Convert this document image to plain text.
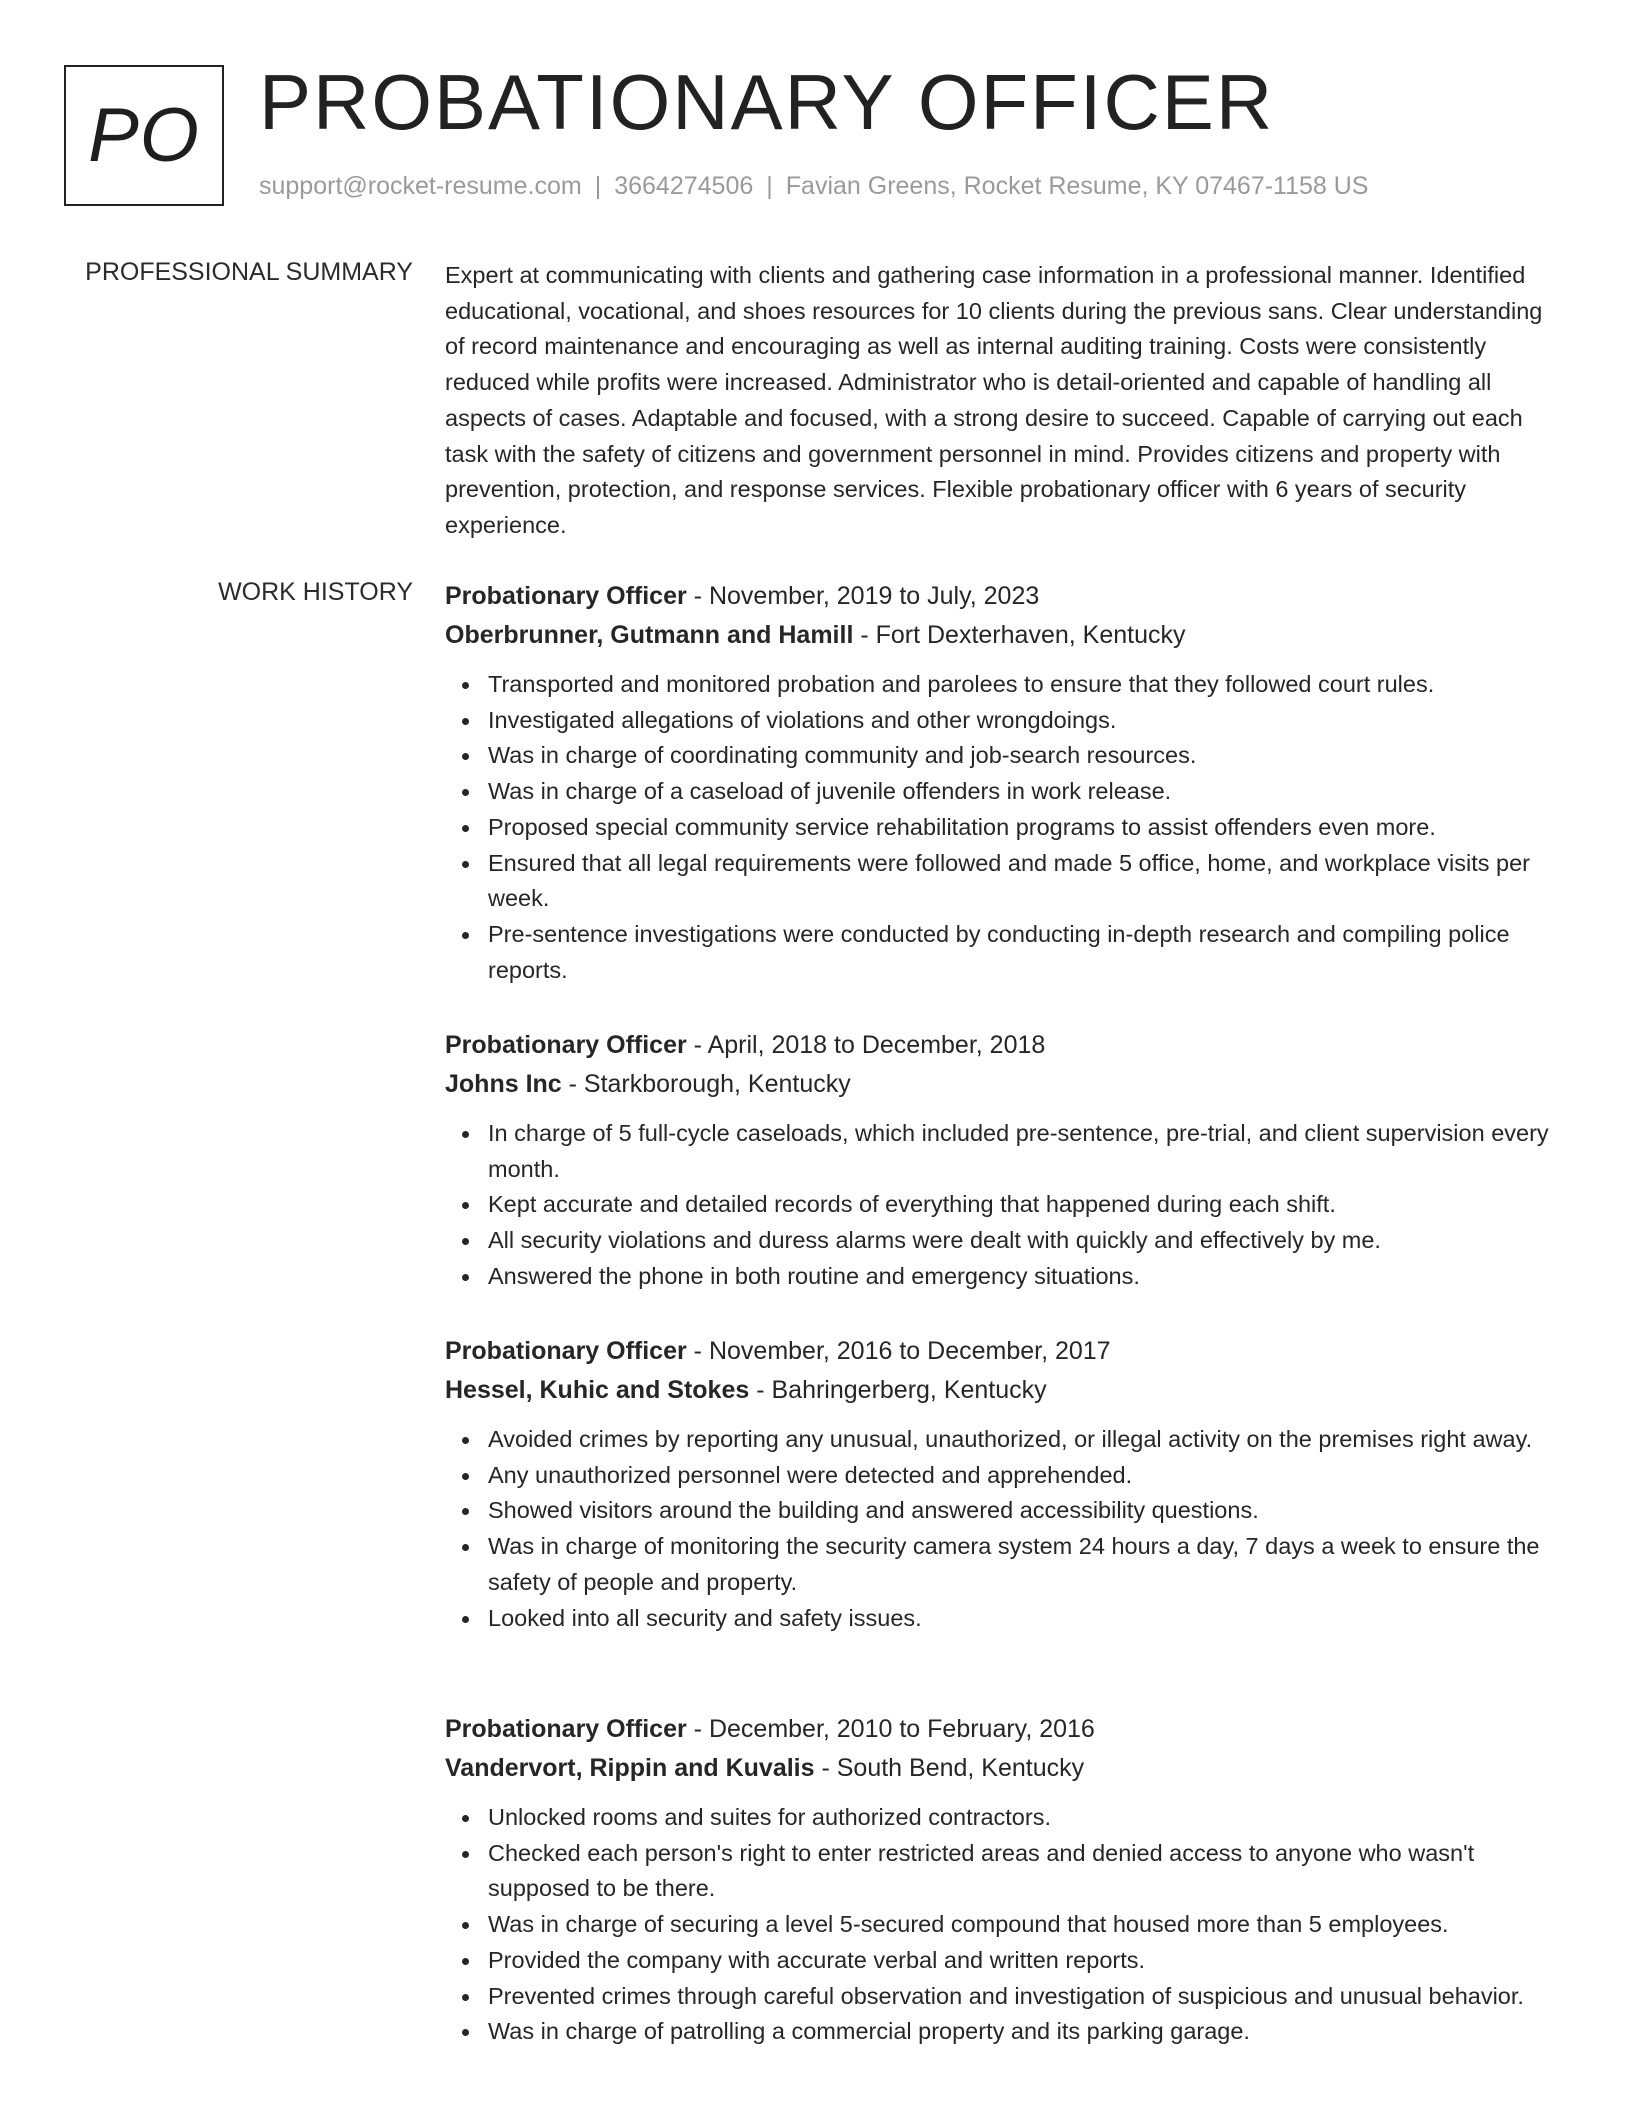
PO PROBATIONARY OFFICER
support@rocket-resume.com | 3664274506 | Favian Greens, Rocket Resume, KY 07467-1158 US
PROFESSIONAL SUMMARY Expert at communicating with clients and gathering case information in a professional manner. Identified educational, vocational, and shoes resources for 10 clients during the previous sans. Clear understanding of record maintenance and encouraging as well as internal auditing training. Costs were consistently reduced while profits were increased. Administrator who is detail-oriented and capable of handling all aspects of cases. Adaptable and focused, with a strong desire to succeed. Capable of carrying out each task with the safety of citizens and government personnel in mind. Provides citizens and property with prevention, protection, and response services. Flexible probationary officer with 6 years of security experience.
WORK HISTORY Probationary Officer - November, 2019 to July, 2023
Oberbrunner, Gutmann and Hamill - Fort Dexterhaven, Kentucky
Transported and monitored probation and parolees to ensure that they followed court rules.
Investigated allegations of violations and other wrongdoings.
Was in charge of coordinating community and job-search resources.
Was in charge of a caseload of juvenile offenders in work release.
Proposed special community service rehabilitation programs to assist offenders even more.
Ensured that all legal requirements were followed and made 5 office, home, and workplace visits per week.
Pre-sentence investigations were conducted by conducting in-depth research and compiling police reports.
Probationary Officer - April, 2018 to December, 2018
Johns Inc - Starkborough, Kentucky
In charge of 5 full-cycle caseloads, which included pre-sentence, pre-trial, and client supervision every month.
Kept accurate and detailed records of everything that happened during each shift.
All security violations and duress alarms were dealt with quickly and effectively by me.
Answered the phone in both routine and emergency situations.
Probationary Officer - November, 2016 to December, 2017
Hessel, Kuhic and Stokes - Bahringerberg, Kentucky
Avoided crimes by reporting any unusual, unauthorized, or illegal activity on the premises right away.
Any unauthorized personnel were detected and apprehended.
Showed visitors around the building and answered accessibility questions.
Was in charge of monitoring the security camera system 24 hours a day, 7 days a week to ensure the safety of people and property.
Looked into all security and safety issues.
Probationary Officer - December, 2010 to February, 2016
Vandervort, Rippin and Kuvalis - South Bend, Kentucky
Unlocked rooms and suites for authorized contractors.
Checked each person's right to enter restricted areas and denied access to anyone who wasn't supposed to be there.
Was in charge of securing a level 5-secured compound that housed more than 5 employees.
Provided the company with accurate verbal and written reports.
Prevented crimes through careful observation and investigation of suspicious and unusual behavior.
Was in charge of patrolling a commercial property and its parking garage.
